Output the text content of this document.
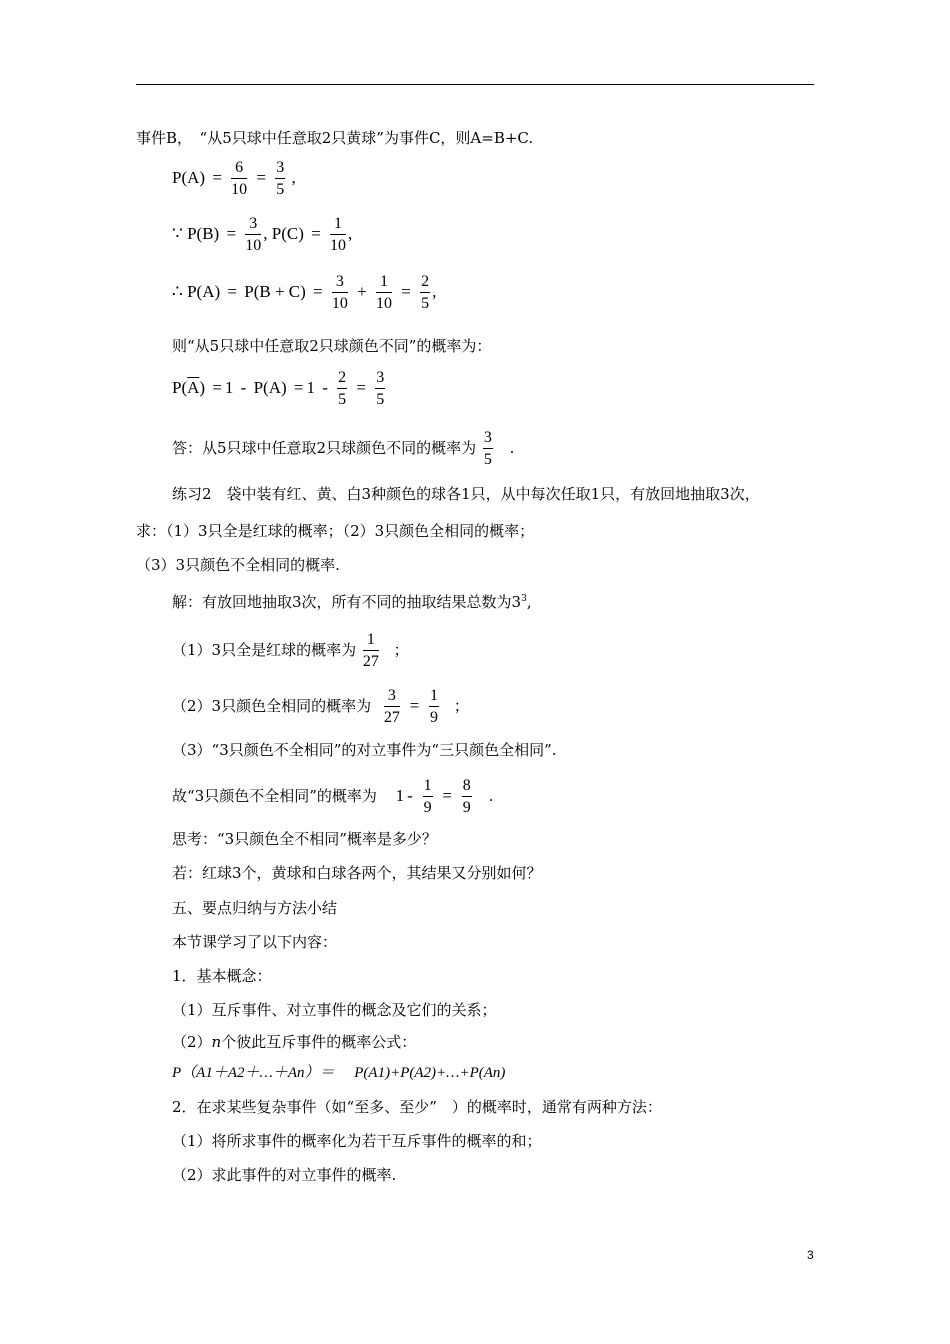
事件B，　“从5只球中任意取2只黄球”为事件C，则A=B+C.
$P(A) = \frac{6}{10} = \frac{3}{5}$ ,
∵ $P(B) = \frac{3}{10}$ , $P(C) = \frac{1}{10}$ ,
∴ $P(A) = P(B + C) = \frac{3}{10} + \frac{1}{10} = \frac{2}{5}$ ,
则“从5只球中任意取2只球颜色不同”的概率为：
$P(\overline{A}) = 1 - P(A) = 1 - \frac{2}{5} = \frac{3}{5}$
答：从5只球中任意取2只球颜色不同的概率为 $\frac{3}{5}$ .
练习2　袋中装有红、黄、白3种颜色的球各1只，从中每次任取1只，有放回地抽取3次，
求：（1）3只全是红球的概率；（2）3只颜色全相同的概率；
（3）3只颜色不全相同的概率.
解：有放回地抽取3次，所有不同的抽取结果总数为$3^3$,
（1）3只全是红球的概率为 $\frac{1}{27}$ ；
（2）3只颜色全相同的概率为 $\frac{3}{27} = \frac{1}{9}$ ；
（3）“3只颜色不全相同”的对立事件为“三只颜色全相同”.
故“3只颜色不全相同”的概率为 $1 - \frac{1}{9} = \frac{8}{9}$ .
思考：“3只颜色全不相同”概率是多少？
若：红球3个，黄球和白球各两个，其结果又分别如何？
五、要点归纳与方法小结
本节课学习了以下内容：
1．基本概念：
（1）互斥事件、对立事件的概念及它们的关系；
（2）n个彼此互斥事件的概率公式：
P（A1＋A2＋…＋An）＝ P(A1)+P(A2)+…+P(An)
2．在求某些复杂事件（如“至多、至少”　）的概率时，通常有两种方法：
（1）将所求事件的概率化为若干互斥事件的概率的和；
（2）求此事件的对立事件的概率.
3
